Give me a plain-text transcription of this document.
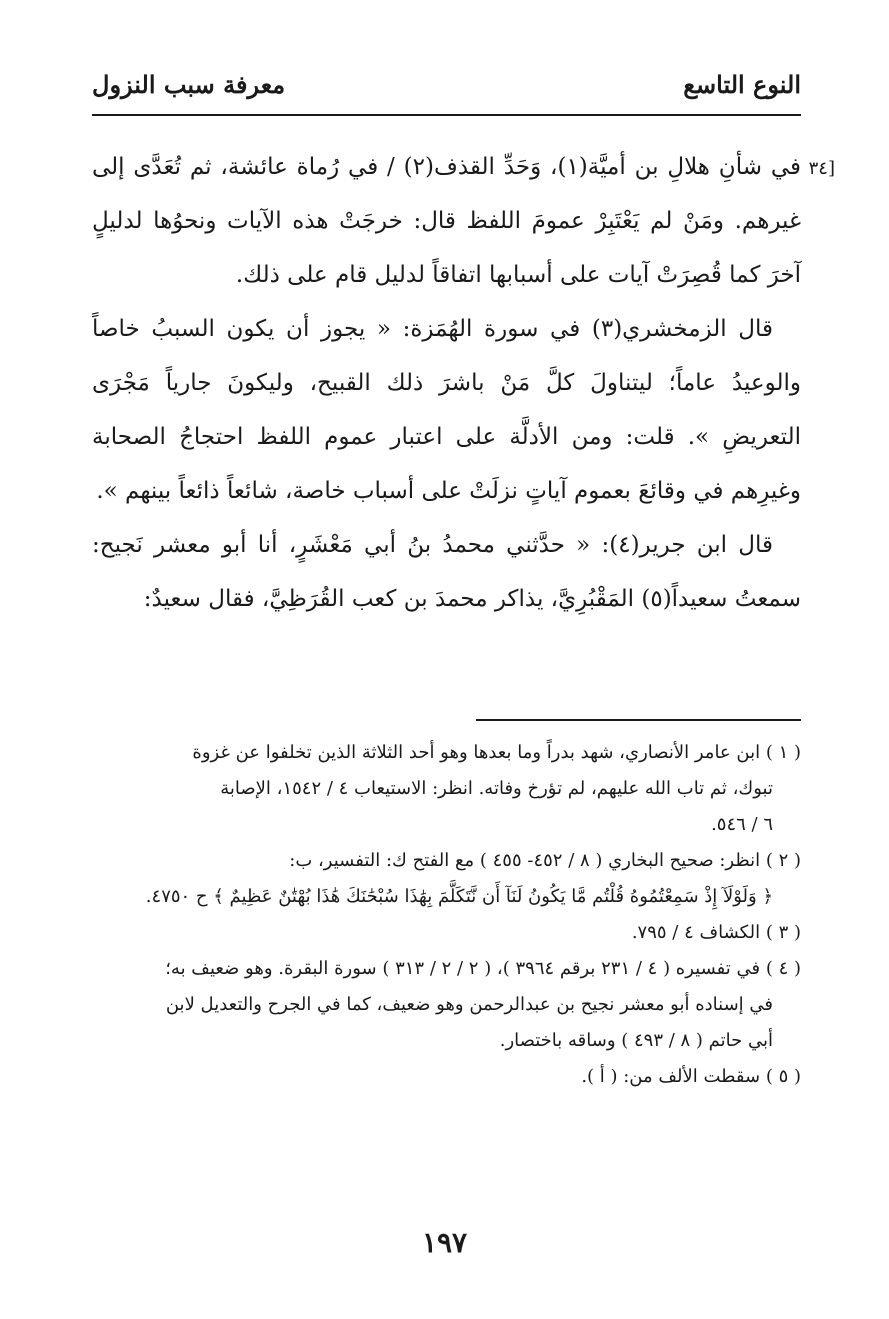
النوع التاسع
معرفة سبب النزول

[٣٤
في شأنِ هلالِ بن أميَّة(١)، وَحَدِّ القذف(٢) / في رُماة عائشة، ثم تُعَدَّى إلى غيرهم. ومَنْ لم يَعْتَبِرْ عمومَ اللفظ قال: خرجَتْ هذه الآيات ونحوُها لدليلٍ آخرَ كما قُصِرَتْ آيات على أسبابها اتفاقاً لدليل قام على ذلك.

قال الزمخشري(٣) في سورة الهُمَزة: « يجوز أن يكون السببُ خاصاً والوعيدُ عاماً؛ ليتناولَ كلَّ مَنْ باشرَ ذلك القبيح، وليكونَ جارياً مَجْرَى التعريضِ ». قلت: ومن الأدلَّة على اعتبار عموم اللفظ احتجاجُ الصحابة وغيرِهم في وقائعَ بعموم آياتٍ نزلَتْ على أسباب خاصة، شائعاً ذائعاً بينهم ».

قال ابن جرير(٤): « حدَّثني محمدُ بنُ أبي مَعْشَرٍ، أنا أبو معشر نَجيح: سمعتُ سعيداً(٥) المَقْبُرِيَّ، يذاكر محمدَ بن كعب القُرَظِيَّ، فقال سعيدٌ:

( ١ ) ابن عامر الأنصاري، شهد بدراً وما بعدها وهو أحد الثلاثة الذين تخلفوا عن غزوة
تبوك، ثم تاب الله عليهم، لم تؤرخ وفاته. انظر: الاستيعاب ٤ / ١٥٤٢، الإصابة
٦ / ٥٤٦.

( ٢ ) انظر: صحيح البخاري ( ٨ / ٤٥٢- ٤٥٥ ) مع الفتح ك: التفسير، ب:
﴿ وَلَوْلَآ إِذْ سَمِعْتُمُوهُ قُلْتُم مَّا يَكُونُ لَنَآ أَن نَّتَكَلَّمَ بِهَٰذَا سُبْحَٰنَكَ هَٰذَا بُهْتَٰنٌ عَظِيمٌ ﴾ ح ٤٧٥٠.

( ٣ ) الكشاف ٤ / ٧٩٥.

( ٤ ) في تفسيره ( ٤ / ٢٣١ برقم ٣٩٦٤ )، ( ٢ / ٢ / ٣١٣ ) سورة البقرة. وهو ضعيف به؛
في إسناده أبو معشر نجيح بن عبدالرحمن وهو ضعيف، كما في الجرح والتعديل لابن
أبي حاتم ( ٨ / ٤٩٣ ) وساقه باختصار.

( ٥ ) سقطت الألف من: ( أ ).

١٩٧
